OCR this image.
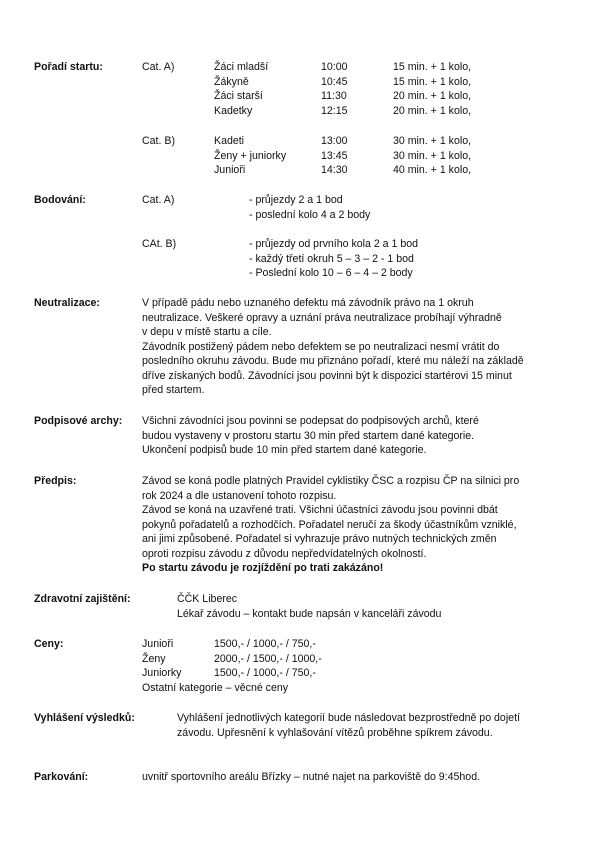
Pořadí startu:	Cat. A)	Žáci mladší	10:00	15 min. + 1 kolo,
Žákyně	10:45	15 min. + 1 kolo,
Žáci starší	11:30	20 min. + 1 kolo,
Kadetky	12:15	20 min. + 1 kolo,
Cat. B)	Kadeti	13:00	30 min. + 1 kolo,
Ženy + juniorky	13:45	30 min. + 1 kolo,
Junioři	14:30	40 min. + 1 kolo,
Bodování:	Cat. A)	- průjezdy 2 a 1 bod
- poslední kolo 4 a 2 body
CAt. B)	- průjezdy od prvního kola 2 a 1 bod
- každý třetí okruh 5 – 3 – 2 - 1 bod
- Poslední kolo 10 – 6 – 4 – 2 body
Neutralizace:	V případě pádu nebo uznaného defektu má závodník právo na 1 okruh
neutralizace. Veškeré opravy a uznání práva neutralizace probíhají výhradně
v depu v místě startu a cíle.
Závodník postižený pádem nebo defektem se po neutralizaci nesmí vrátit do
posledního okruhu závodu. Bude mu přiznáno pořadí, které mu náleží na základě
dříve získaných bodů. Závodníci jsou povinni být k dispozici startérovi 15 minut
před startem.
Podpisové archy: Všichni závodníci jsou povinni se podepsat do podpisových archů, které
budou vystaveny v prostoru startu 30 min před startem dané kategorie.
Ukončení podpisů bude 10 min před startem dané kategorie.
Předpis:	Závod se koná podle platných Pravidel cyklistiky ČSC a rozpisu ČP na silnici pro
rok 2024 a dle ustanovení tohoto rozpisu.
Závod se koná na uzavřené trati. Všichni účastníci závodu jsou povinni dbát
pokynů pořadatelů a rozhodčích. Pořadatel neručí za škody účastníkům vzniklé,
ani jimi způsobené. Pořadatel si vyhrazuje právo nutných technických změn
oproti rozpisu závodu z důvodu nepředvídatelných okolností.
Po startu závodu je rozjíždění po trati zakázáno!
Zdravotní zajištění:	ČČK Liberec
Lékař závodu – kontakt bude napsán v kanceláři závodu
Ceny:	Junioři	1500,- / 1000,- / 750,-
Ženy	2000,- / 1500,- / 1000,-
Juniorky	1500,- / 1000,- / 750,-
Ostatní kategorie – věcné ceny
Vyhlášení výsledků:	Vyhlášení jednotlivých kategorií bude následovat bezprostředně po dojetí
závodu. Upřesnění k vyhlašování vítězů proběhne spíkrem závodu.
Parkování:	uvnitř sportovního areálu Břízky – nutné najet na parkoviště do 9:45hod.
